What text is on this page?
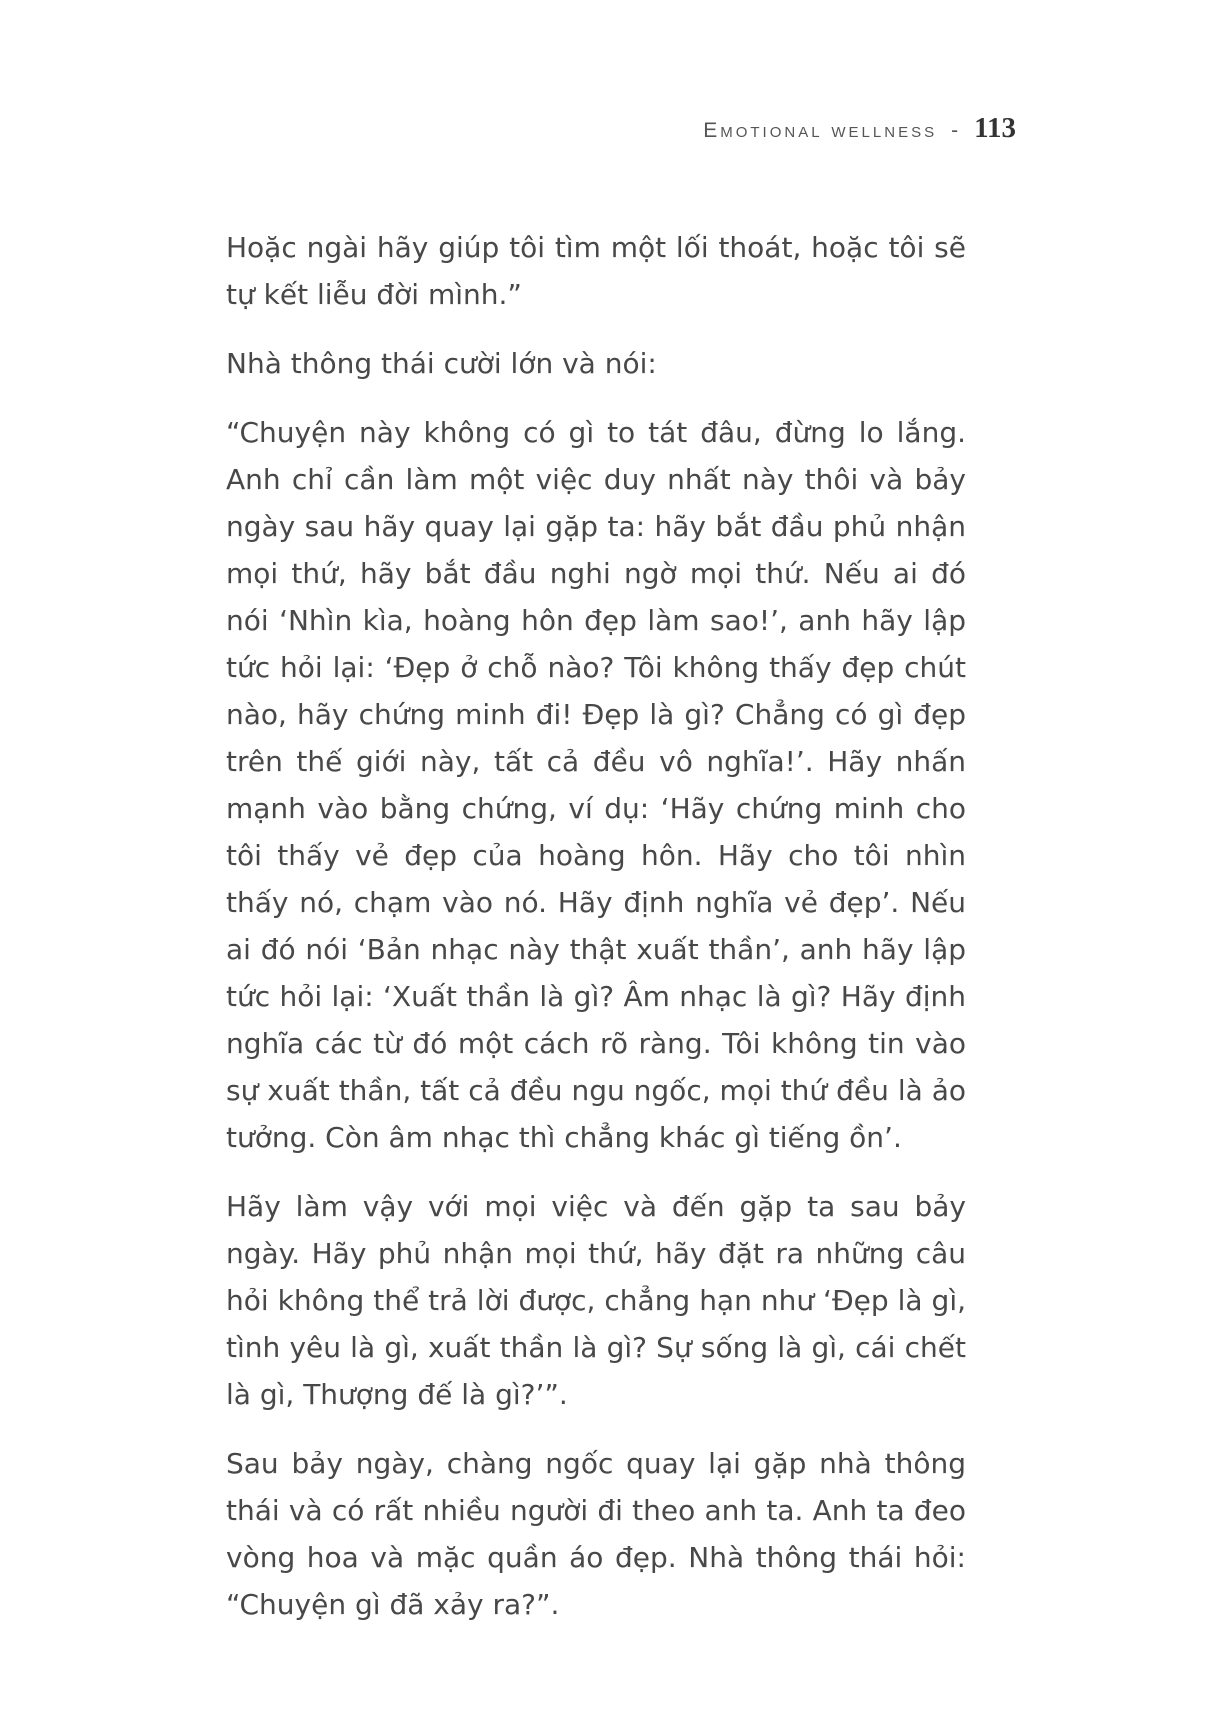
Emotional wellness - 113

Hoặc ngài hãy giúp tôi tìm một lối thoát, hoặc tôi sẽ tự kết liễu đời mình.”

Nhà thông thái cười lớn và nói:

“Chuyện này không có gì to tát đâu, đừng lo lắng. Anh chỉ cần làm một việc duy nhất này thôi và bảy ngày sau hãy quay lại gặp ta: hãy bắt đầu phủ nhận mọi thứ, hãy bắt đầu nghi ngờ mọi thứ. Nếu ai đó nói ‘Nhìn kìa, hoàng hôn đẹp làm sao!’, anh hãy lập tức hỏi lại: ‘Đẹp ở chỗ nào? Tôi không thấy đẹp chút nào, hãy chứng minh đi! Đẹp là gì? Chẳng có gì đẹp trên thế giới này, tất cả đều vô nghĩa!’. Hãy nhấn mạnh vào bằng chứng, ví dụ: ‘Hãy chứng minh cho tôi thấy vẻ đẹp của hoàng hôn. Hãy cho tôi nhìn thấy nó, chạm vào nó. Hãy định nghĩa vẻ đẹp’. Nếu ai đó nói ‘Bản nhạc này thật xuất thần’, anh hãy lập tức hỏi lại: ‘Xuất thần là gì? Âm nhạc là gì? Hãy định nghĩa các từ đó một cách rõ ràng. Tôi không tin vào sự xuất thần, tất cả đều ngu ngốc, mọi thứ đều là ảo tưởng. Còn âm nhạc thì chẳng khác gì tiếng ồn’.

Hãy làm vậy với mọi việc và đến gặp ta sau bảy ngày. Hãy phủ nhận mọi thứ, hãy đặt ra những câu hỏi không thể trả lời được, chẳng hạn như ‘Đẹp là gì, tình yêu là gì, xuất thần là gì? Sự sống là gì, cái chết là gì, Thượng đế là gì?’”.

Sau bảy ngày, chàng ngốc quay lại gặp nhà thông thái và có rất nhiều người đi theo anh ta. Anh ta đeo vòng hoa và mặc quần áo đẹp. Nhà thông thái hỏi: “Chuyện gì đã xảy ra?”.
